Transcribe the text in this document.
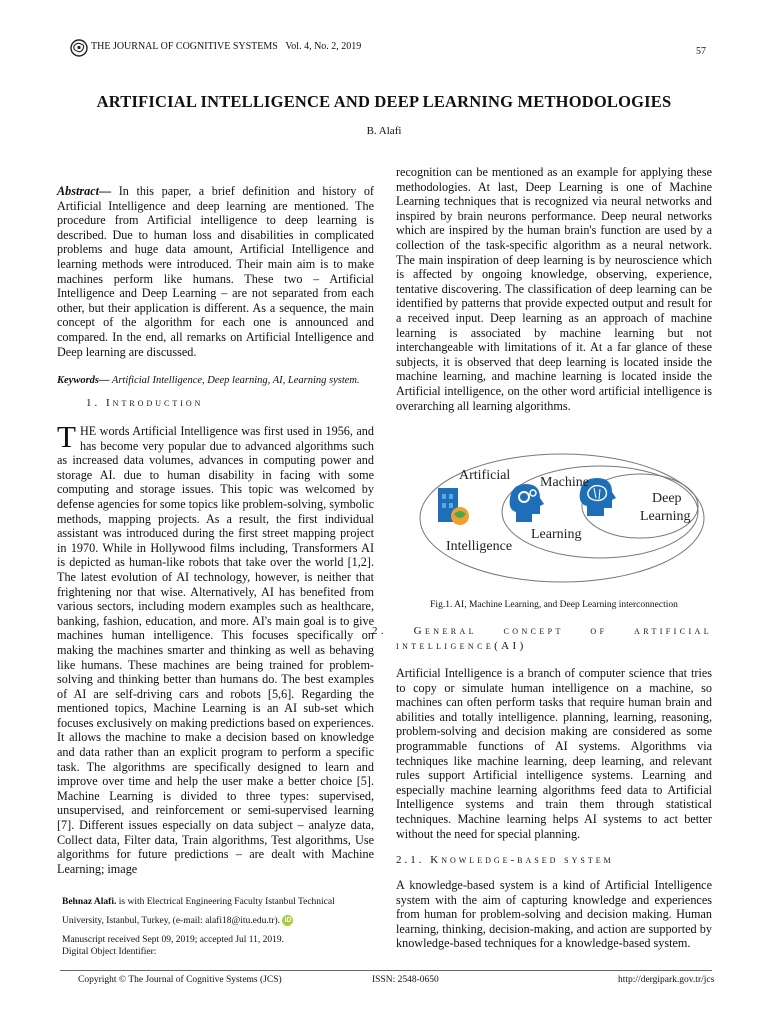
THE JOURNAL OF COGNITIVE SYSTEMS Vol. 4, No. 2, 2019	57
ARTIFICIAL INTELLIGENCE AND DEEP LEARNING METHODOLOGIES
B. Alafi

Abstract— In this paper, a brief definition and history of Artificial Intelligence and deep learning are mentioned. The procedure from Artificial intelligence to deep learning is described. Due to human loss and disabilities in complicated problems and huge data amount, Artificial Intelligence and learning methods were introduced. Their main aim is to make machines perform like humans. These two – Artificial Intelligence and Deep Learning – are not separated from each other, but their application is different. As a sequence, the main concept of the algorithm for each one is announced and compared. In the end, all remarks on Artificial Intelligence and Deep learning are discussed.

Keywords— Artificial Intelligence, Deep learning, AI, Learning system.

1. Introduction

THE words Artificial Intelligence was first used in 1956, and has become very popular due to advanced algorithms such as increased data volumes, advances in computing power and storage AI. due to human disability in facing with some computing and storage issues. This topic was welcomed by defense agencies for some topics like problem-solving, symbolic methods, mapping projects. As a result, the first individual assistant was introduced during the first street mapping project in 1970. While in Hollywood films including, Transformers AI is depicted as human-like robots that take over the world [1,2]. The latest evolution of AI technology, however, is neither that frightening nor that wise. Alternatively, AI has benefited from various sectors, including modern examples such as healthcare, banking, fashion, education, and more. AI's main goal is to give machines human intelligence. This focuses specifically on making the machines smarter and thinking as well as behaving like humans. These machines are being trained for problem-solving and thinking better than humans do. The best examples of AI are self-driving cars and robots [5,6]. Regarding the mentioned topics, Machine Learning is an AI sub-set which focuses exclusively on making predictions based on experiences. It allows the machine to make a decision based on knowledge and data rather than an explicit program to perform a specific task. The algorithms are specifically designed to learn and improve over time and help the user make a better choice [5]. Machine Learning is divided to three types: supervised, unsupervised, and reinforcement or semi-supervised learning [7]. Different issues especially on data subject – analyze data, Collect data, Filter data, Train algorithms, Test algorithms, Use algorithms for future predictions – are dealt with Machine Learning; image

Behnaz Alafi. is with Electrical Engineering Faculty Istanbul Technical University, Istanbul, Turkey, (e-mail: alafi18@itu.edu.tr). iD
Manuscript received Sept 09, 2019; accepted Jul 11, 2019.
Digital Object Identifier:

recognition can be mentioned as an example for applying these methodologies. At last, Deep Learning is one of Machine Learning techniques that is recognized via neural networks and inspired by brain neurons performance. Deep neural networks which are inspired by the human brain's function are used by a collection of the task-specific algorithm as a neural network. The main inspiration of deep learning is by neuroscience which is affected by ongoing knowledge, observing, experience, tentative discovering. The classification of deep learning can be identified by patterns that provide expected output and result for a received input. Deep learning as an approach of machine learning is associated by machine learning but not interchangeable with limitations of it. At a far glance of these subjects, it is observed that deep learning is located inside the machine learning, and machine learning is located inside the Artificial intelligence, on the other word artificial intelligence is overarching all learning algorithms.

Artificial
Intelligence
Machine
Learning
Deep
Learning
Fig.1. AI, Machine Learning, and Deep Learning interconnection
2. General concept of artificial
intelligence(AI)

Artificial Intelligence is a branch of computer science that tries to copy or simulate human intelligence on a machine, so machines can often perform tasks that require human brain and abilities and totally intelligence. planning, learning, reasoning, problem-solving and decision making are considered as some programmable functions of AI systems. Algorithms via techniques like machine learning, deep learning, and relevant rules support Artificial intelligence systems. Learning and especially machine learning algorithms feed data to Artificial Intelligence systems and train them through statistical techniques. Machine learning helps AI systems to act better without the need for special planning.

2.1. Knowledge-based system

A knowledge-based system is a kind of Artificial Intelligence system with the aim of capturing knowledge and experiences from human for problem-solving and decision making. Human learning, thinking, decision-making, and action are supported by knowledge-based techniques for a knowledge-based system.

Copyright © The Journal of Cognitive Systems (JCS)	ISSN: 2548-0650	http://dergipark.gov.tr/jcs
